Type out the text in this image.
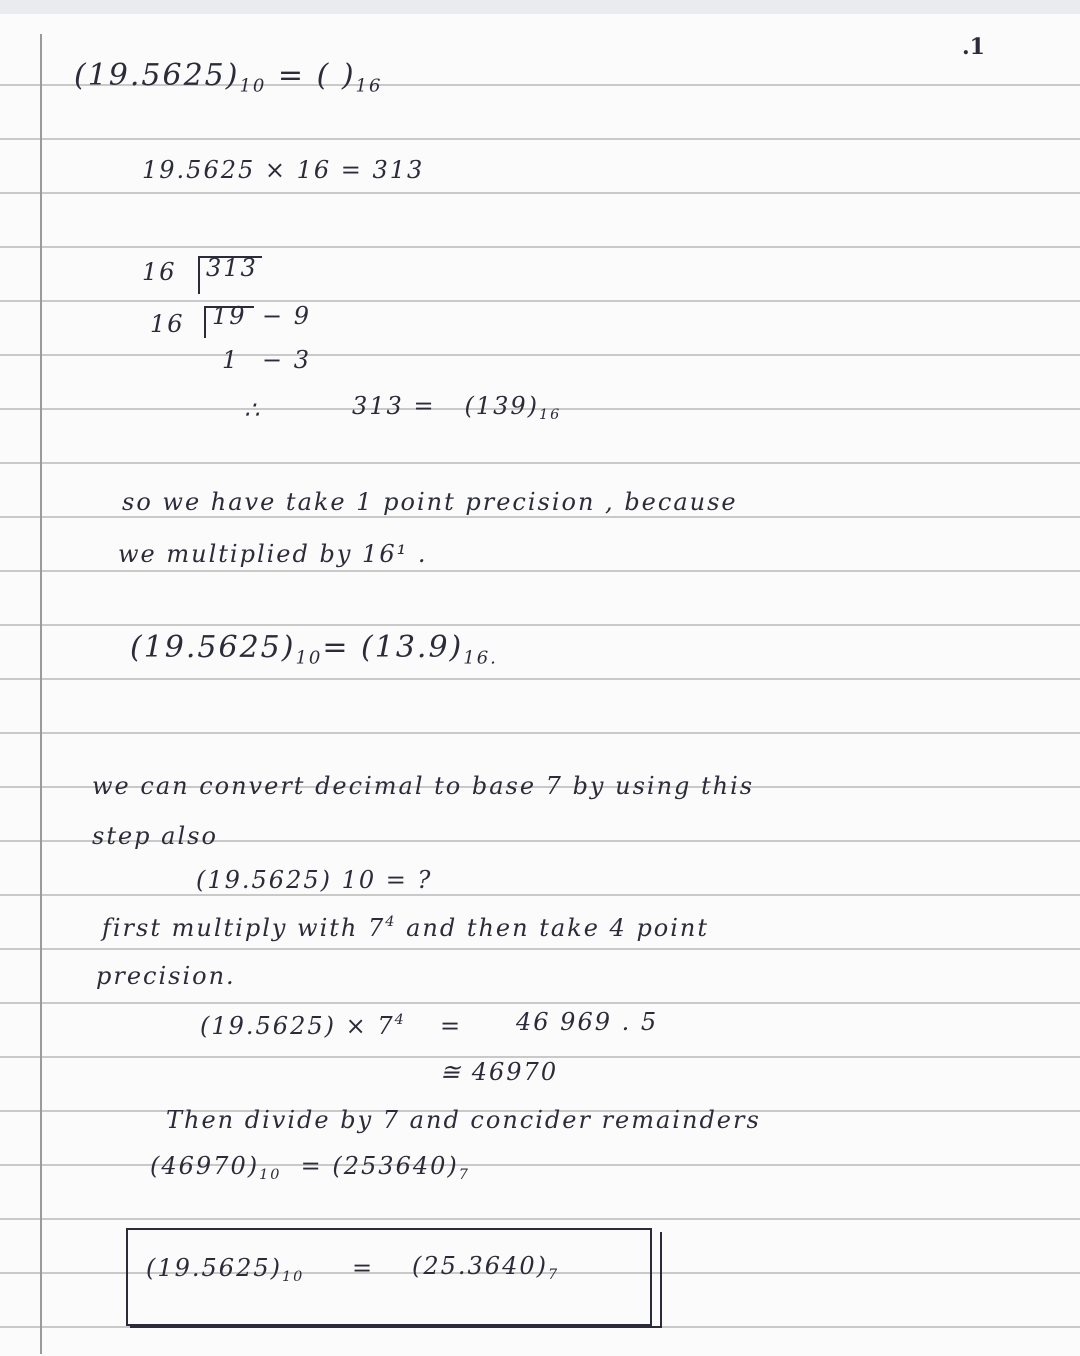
.1
$(19.5625)_{10}$ = ( )$_{16}$
19.5625 × 16 = 313
16 313
16 19 − 9
1 − 3
∴	$313 = (139)_{16}$
so we have take 1 point precision , because
we multiplied by 16¹ .
$(19.5625)_{10}= (13.9)_{16.}$
we can convert decimal to base 7 by using this
step also
(19.5625) 10 = ?
first multiply with $7^4$ and then take 4 point
precision.
$(19.5625) \times 7^4 = 46$ 969 . 5
≅ 46970
Then divide by 7 and concider remainders
$(46970)_{10} = (253640)_7$
$(19.5625)_{10} = (25.3640)_7$
